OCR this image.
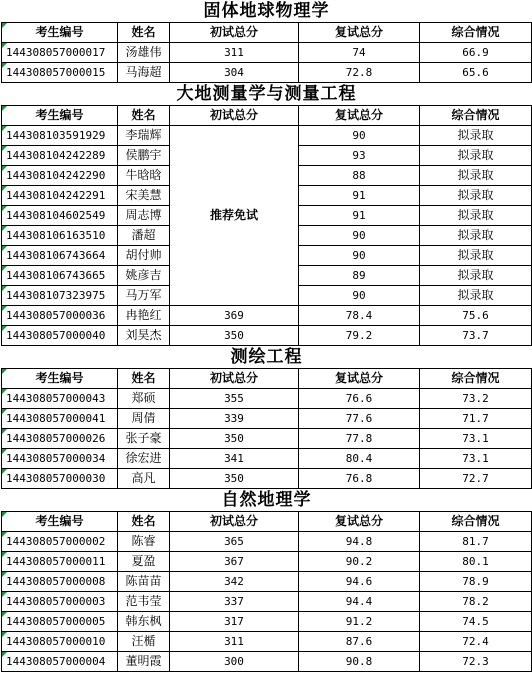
固体地球物理学				

考生编号	姓名	初试总分	复试总分	综合情况

144308057000017	汤雄伟	311	74	66.9

144308057000015	马海超	304	72.8	65.6
大地测量学与测量工程				

考生编号	姓名	初试总分	复试总分	综合情况

144308103591929	李瑞辉	推荐免试	90	拟录取

144308104242289	侯鹏宇		93	拟录取

144308104242290	牛晗晗		88	拟录取

144308104242291	宋美慧		91	拟录取

144308104602549	周志博		91	拟录取

144308106163510	潘超		90	拟录取

144308106743664	胡付帅		90	拟录取

144308106743665	姚彦吉		89	拟录取

144308107323975	马万军		90	拟录取

144308057000036	冉艳红	369	78.4	75.6

144308057000040	刘昊杰	350	79.2	73.7
测绘工程				

考生编号	姓名	初试总分	复试总分	综合情况

144308057000043	郑硕	355	76.6	73.2

144308057000041	周倩	339	77.6	71.7

144308057000026	张子豪	350	77.8	73.1

144308057000034	徐宏进	341	80.4	73.1

144308057000030	高凡	350	76.8	72.7
自然地理学				

考生编号	姓名	初试总分	复试总分	综合情况

144308057000002	陈睿	365	94.8	81.7

144308057000011	夏盈	367	90.2	80.1

144308057000008	陈苗苗	342	94.6	78.9

144308057000003	范韦莹	337	94.4	78.2

144308057000005	韩东枫	317	91.2	74.5

144308057000010	汪楯	311	87.6	72.4

144308057000004	董明霞	300	90.8	72.3
